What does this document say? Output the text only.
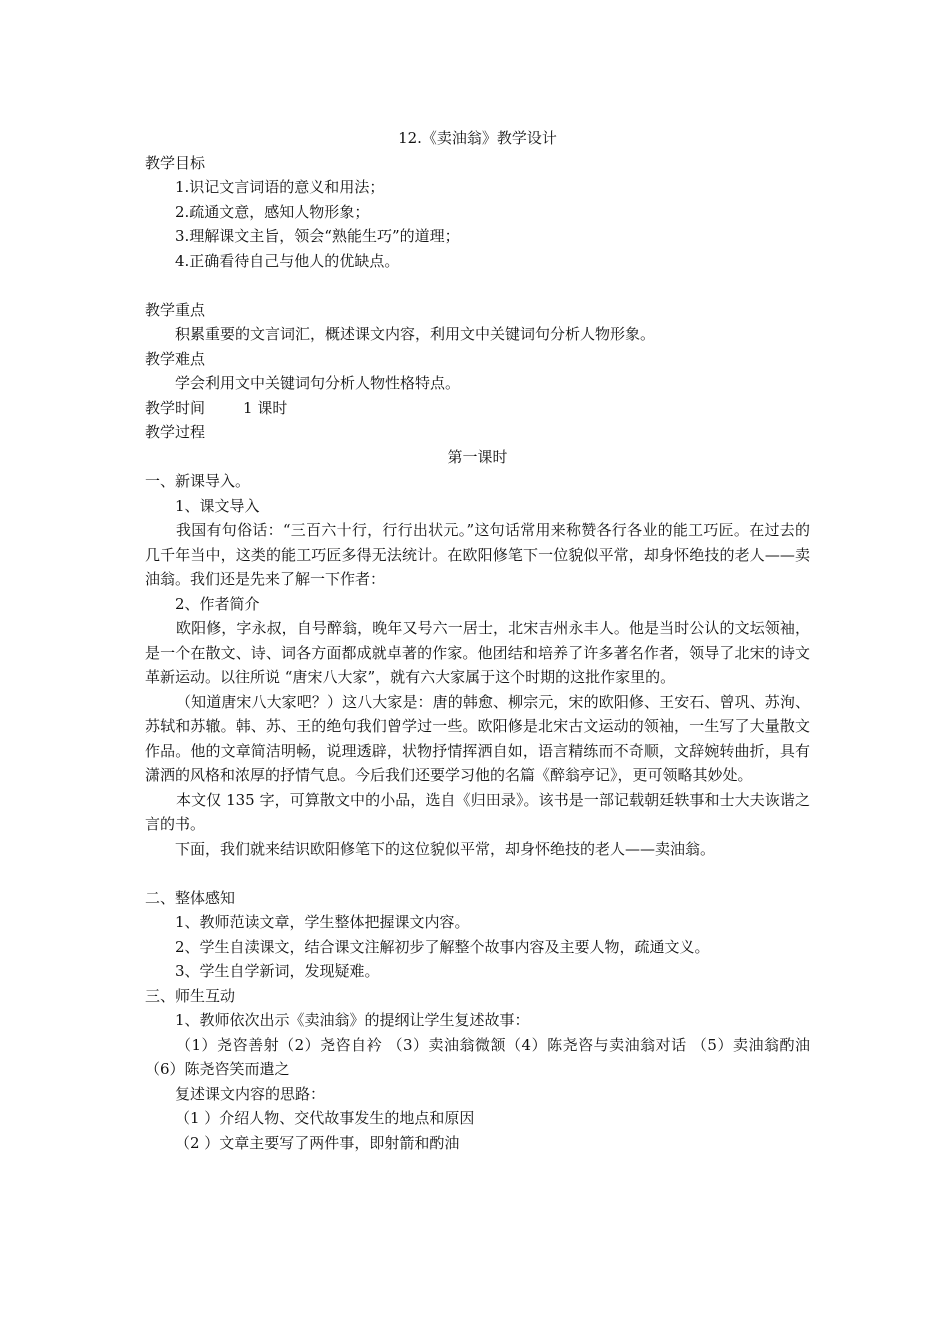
12.《卖油翁》教学设计
教学目标
1.识记文言词语的意义和用法；
2.疏通文意，感知人物形象；
3.理解课文主旨，领会“熟能生巧”的道理；
4.正确看待自己与他人的优缺点。
教学重点
积累重要的文言词汇，概述课文内容，利用文中关键词句分析人物形象。
教学难点
学会利用文中关键词句分析人物性格特点。
教学时间	1 课时
教学过程
第一课时
一、新课导入。
1、课文导入
我国有句俗话：“三百六十行，行行出状元。”这句话常用来称赞各行各业的能工巧匠。在过去的几千年当中，这类的能工巧匠多得无法统计。在欧阳修笔下一位貌似平常，却身怀绝技的老人——卖油翁。我们还是先来了解一下作者：
2、作者简介
欧阳修，字永叔，自号醉翁，晚年又号六一居士，北宋吉州永丰人。他是当时公认的文坛领袖，是一个在散文、诗、词各方面都成就卓著的作家。他团结和培养了许多著名作者，领导了北宋的诗文革新运动。以往所说 “唐宋八大家”，就有六大家属于这个时期的这批作家里的。
（知道唐宋八大家吧？）这八大家是：唐的韩愈、柳宗元，宋的欧阳修、王安石、曾巩、苏洵、苏轼和苏辙。韩、苏、王的绝句我们曾学过一些。欧阳修是北宋古文运动的领袖，一生写了大量散文作品。他的文章简洁明畅，说理透辟，状物抒情挥洒自如，语言精练而不奇顺，文辞婉转曲折，具有潇洒的风格和浓厚的抒情气息。今后我们还要学习他的名篇《醉翁亭记》，更可领略其妙处。
本文仅 135 字，可算散文中的小品，选自《归田录》。该书是一部记载朝廷轶事和士大夫诙谐之言的书。
下面，我们就来结识欧阳修笔下的这位貌似平常，却身怀绝技的老人——卖油翁。
二、整体感知
1、教师范读文章，学生整体把握课文内容。
2、学生自渎课文，结合课文注解初步了解整个故事内容及主要人物，疏通文义。
3、学生自学新词，发现疑难。
三、师生互动
1、教师依次出示《卖油翁》的提纲让学生复述故事：
（1）尧咨善射（2）尧咨自衿 （3）卖油翁微颔（4）陈尧咨与卖油翁对话 （5）卖油翁酌油 （6）陈尧咨笑而遣之
复述课文内容的思路：
（1 ）介绍人物、交代故事发生的地点和原因
（2 ）文章主要写了两件事，即射箭和酌油
